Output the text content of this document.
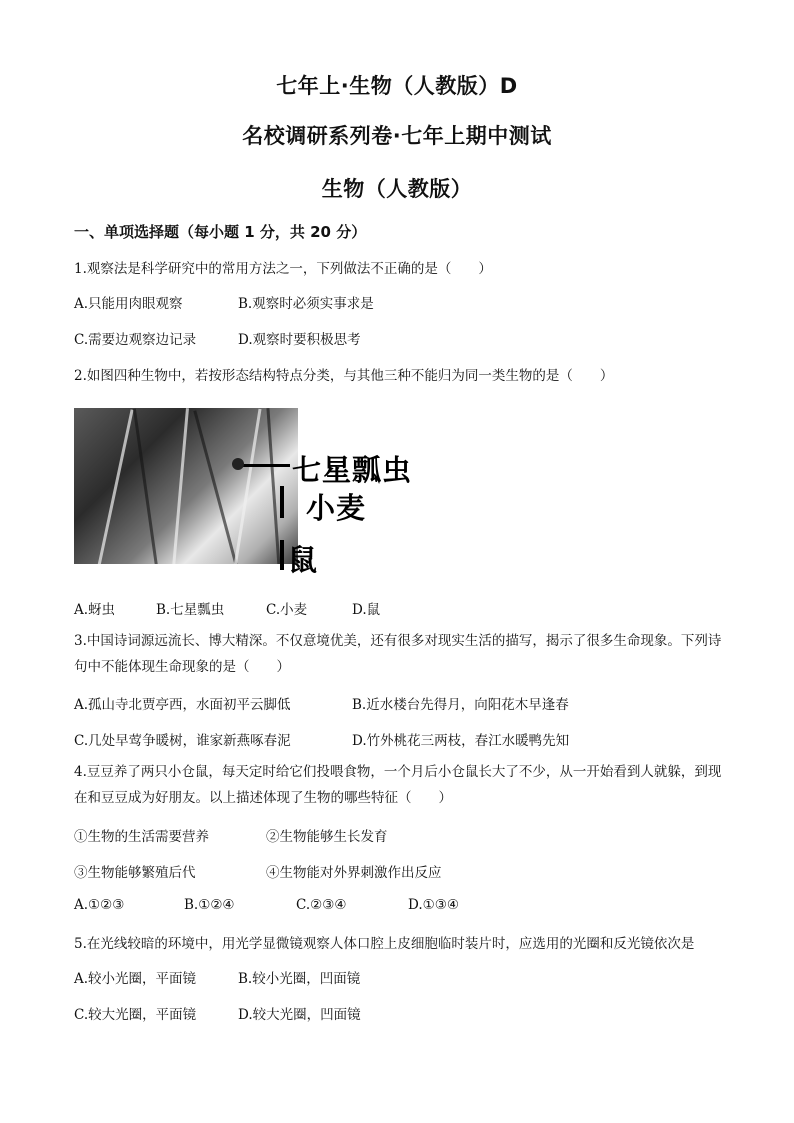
七年上·生物（人教版）D
名校调研系列卷·七年上期中测试
生物（人教版）

一、单项选择题（每小题 1 分，共 20 分）

1.观察法是科学研究中的常用方法之一，下列做法不正确的是（　　）

A.只能用肉眼观察	B.观察时必须实事求是

C.需要边观察边记录	D.观察时要积极思考

2.如图四种生物中，若按形态结构特点分类，与其他三种不能归为同一类生物的是（　　）

七星瓢虫
小麦
鼠

A.蚜虫	B.七星瓢虫	C.小麦	D.鼠

3.中国诗词源远流长、博大精深。不仅意境优美，还有很多对现实生活的描写，揭示了很多生命现象。下列诗句中不能体现生命现象的是（　　）

A.孤山寺北贾亭西，水面初平云脚低	B.近水楼台先得月，向阳花木早逢春

C.几处早莺争暖树，谁家新燕啄春泥	D.竹外桃花三两枝，春江水暖鸭先知

4.豆豆养了两只小仓鼠，每天定时给它们投喂食物，一个月后小仓鼠长大了不少，从一开始看到人就躲，到现在和豆豆成为好朋友。以上描述体现了生物的哪些特征（　　）

①生物的生活需要营养	②生物能够生长发育

③生物能够繁殖后代	④生物能对外界刺激作出反应

A.①②③	B.①②④	C.②③④	D.①③④

5.在光线较暗的环境中，用光学显微镜观察人体口腔上皮细胞临时装片时，应选用的光圈和反光镜依次是

A.较小光圈，平面镜	B.较小光圈，凹面镜

C.较大光圈，平面镜	D.较大光圈，凹面镜
